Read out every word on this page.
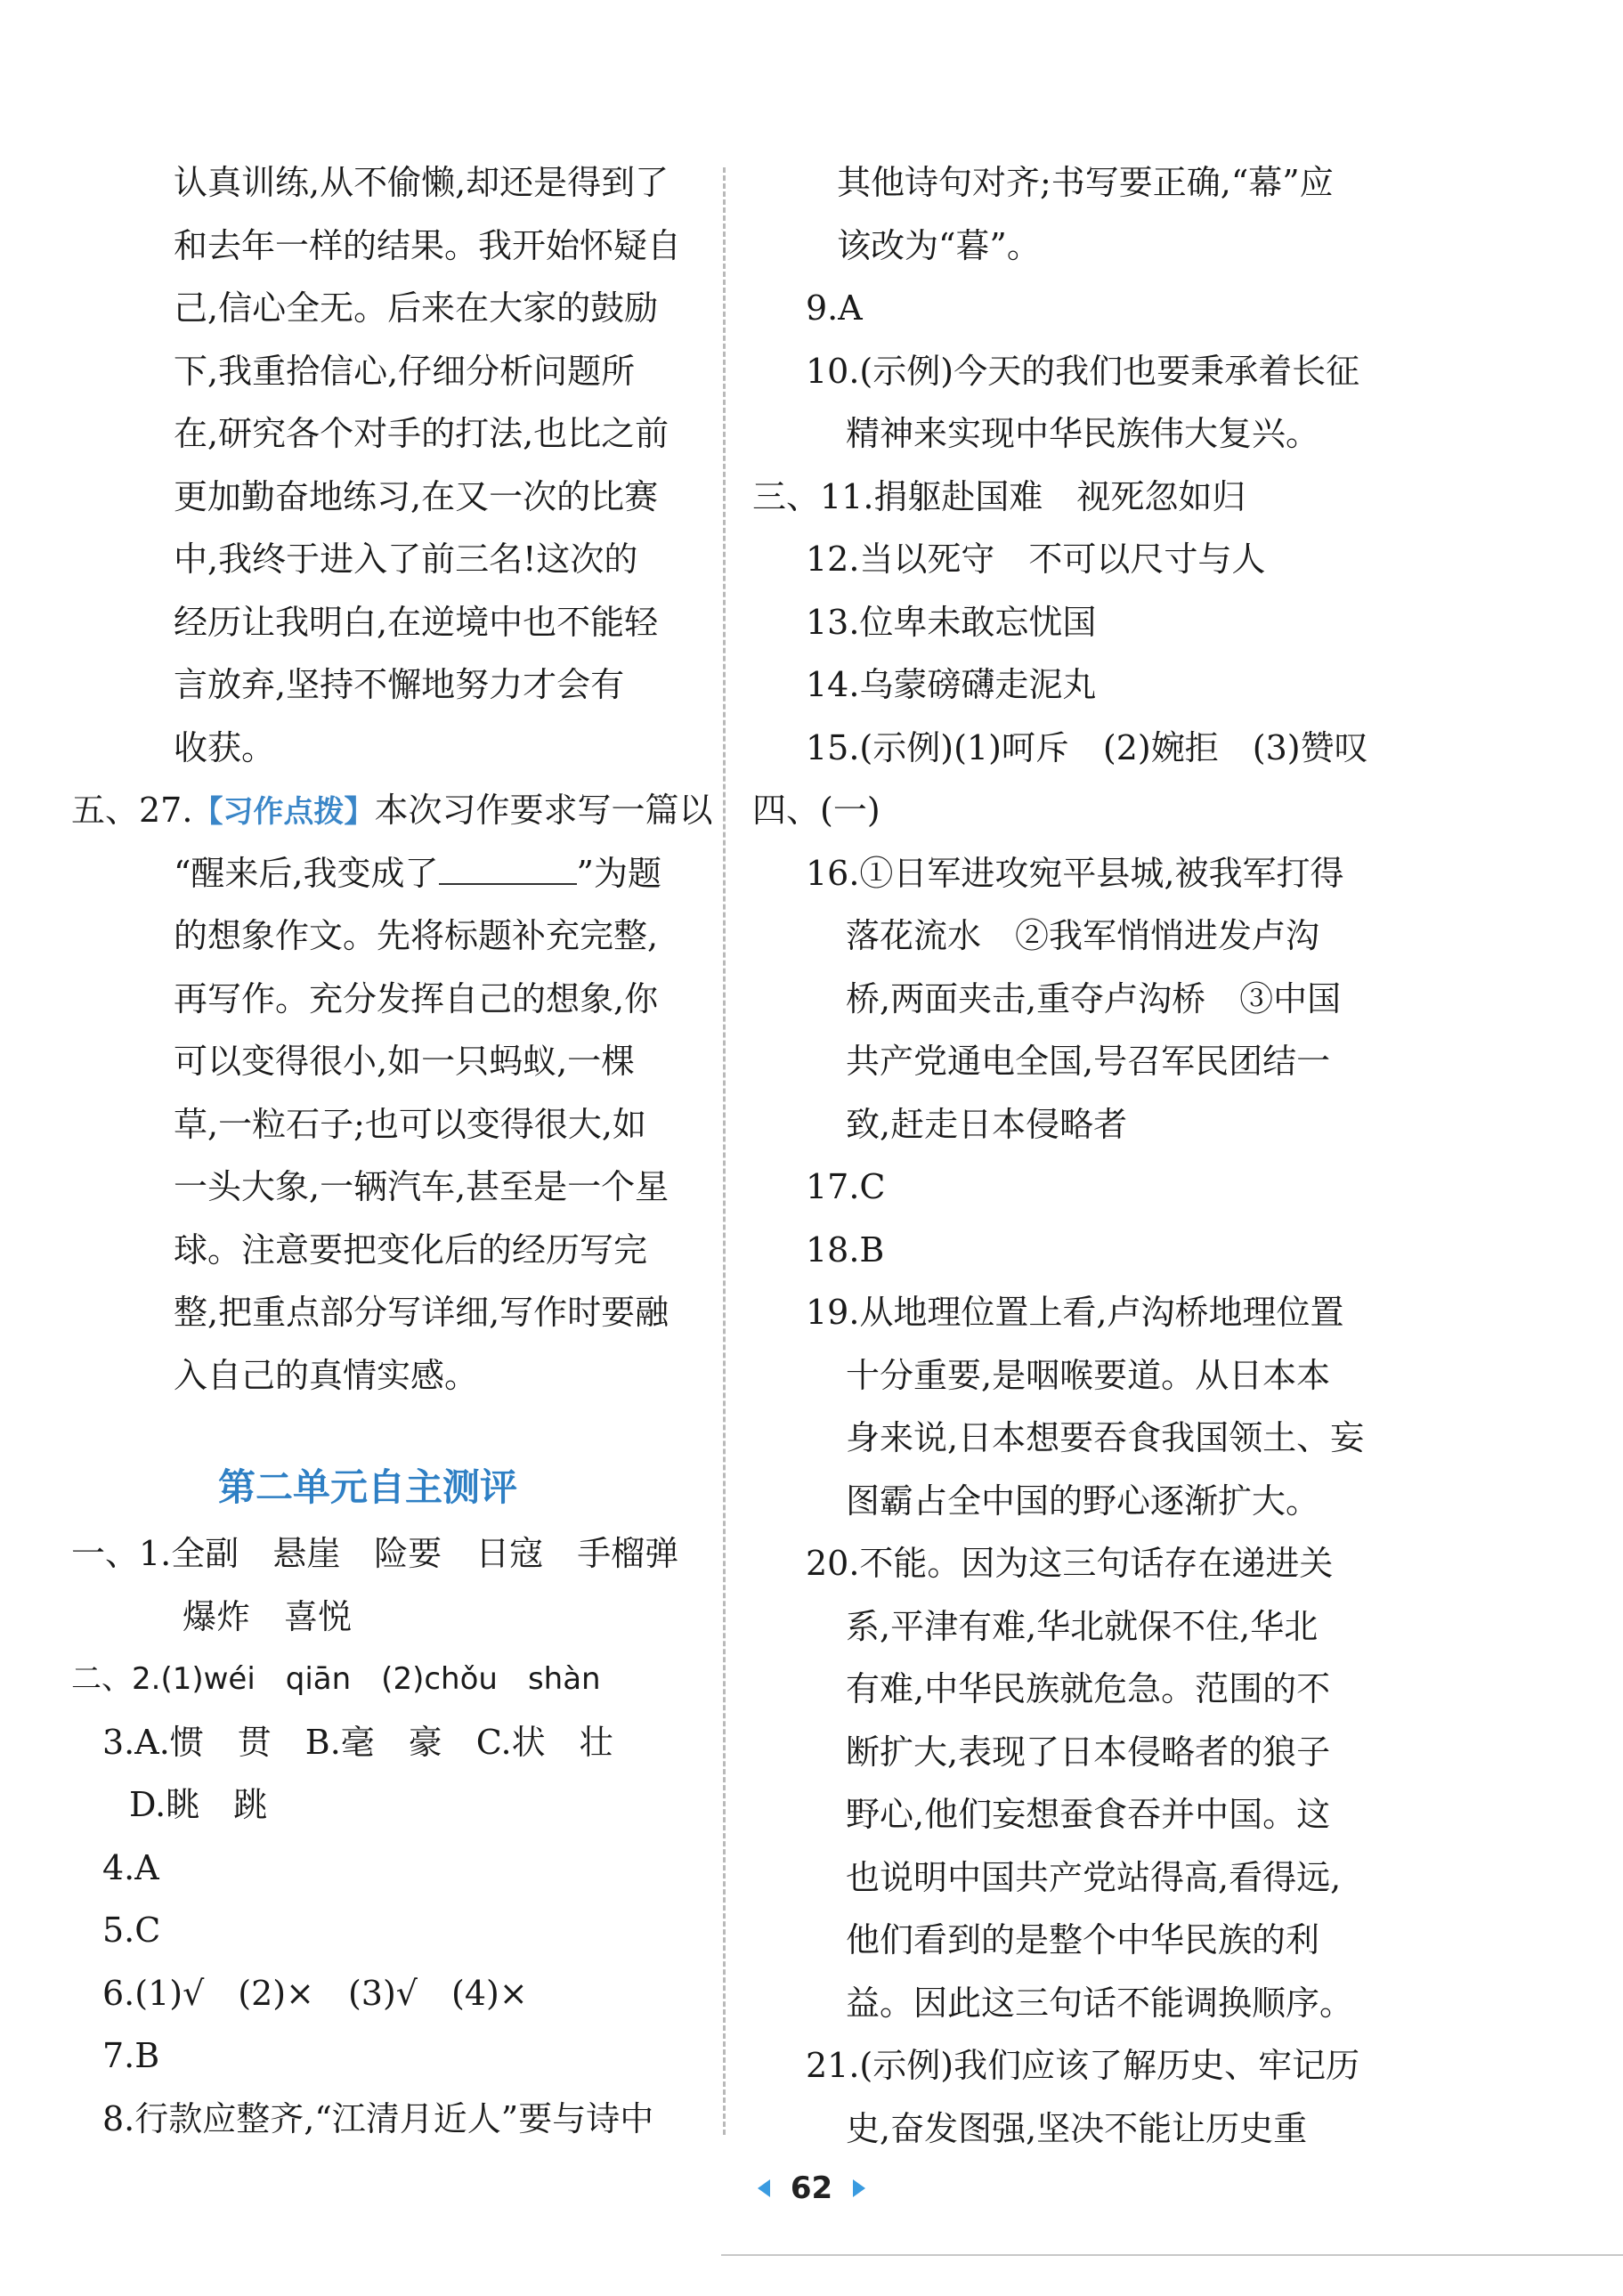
认真训练,从不偷懒,却还是得到了
和去年一样的结果。我开始怀疑自
己,信心全无。后来在大家的鼓励
下,我重拾信心,仔细分析问题所
在,研究各个对手的打法,也比之前
更加勤奋地练习,在又一次的比赛
中,我终于进入了前三名!这次的
经历让我明白,在逆境中也不能轻
言放弃,坚持不懈地努力才会有
收获。
五、27.【习作点拨】本次习作要求写一篇以
“醒来后,我变成了	”为题
的想象作文。先将标题补充完整,
再写作。充分发挥自己的想象,你
可以变得很小,如一只蚂蚁,一棵
草,一粒石子;也可以变得很大,如
一头大象,一辆汽车,甚至是一个星
球。注意要把变化后的经历写完
整,把重点部分写详细,写作时要融
入自己的真情实感。
第二单元自主测评
一、1.全副　悬崖　险要　日寇　手榴弹
爆炸　喜悦
二、2.(1)wéi　qiān　(2)chǒu　shàn
3.A.惯　贯　B.毫　豪　C.状　壮
D.眺　跳
4.A
5.C
6.(1)√　(2)×　(3)√　(4)×
7.B
8.行款应整齐,“江清月近人”要与诗中
其他诗句对齐;书写要正确,“幕”应
该改为“暮”。
9.A
10.(示例)今天的我们也要秉承着长征
精神来实现中华民族伟大复兴。
三、11.捐躯赴国难　视死忽如归
12.当以死守　不可以尺寸与人
13.位卑未敢忘忧国
14.乌蒙磅礴走泥丸
15.(示例)(1)呵斥　(2)婉拒　(3)赞叹
四、(一)
16.①日军进攻宛平县城,被我军打得
落花流水　②我军悄悄进发卢沟
桥,两面夹击,重夺卢沟桥　③中国
共产党通电全国,号召军民团结一
致,赶走日本侵略者
17.C
18.B
19.从地理位置上看,卢沟桥地理位置
十分重要,是咽喉要道。从日本本
身来说,日本想要吞食我国领土、妄
图霸占全中国的野心逐渐扩大。
20.不能。因为这三句话存在递进关
系,平津有难,华北就保不住,华北
有难,中华民族就危急。范围的不
断扩大,表现了日本侵略者的狼子
野心,他们妄想蚕食吞并中国。这
也说明中国共产党站得高,看得远,
他们看到的是整个中华民族的利
益。因此这三句话不能调换顺序。
21.(示例)我们应该了解历史、牢记历
史,奋发图强,坚决不能让历史重
62
